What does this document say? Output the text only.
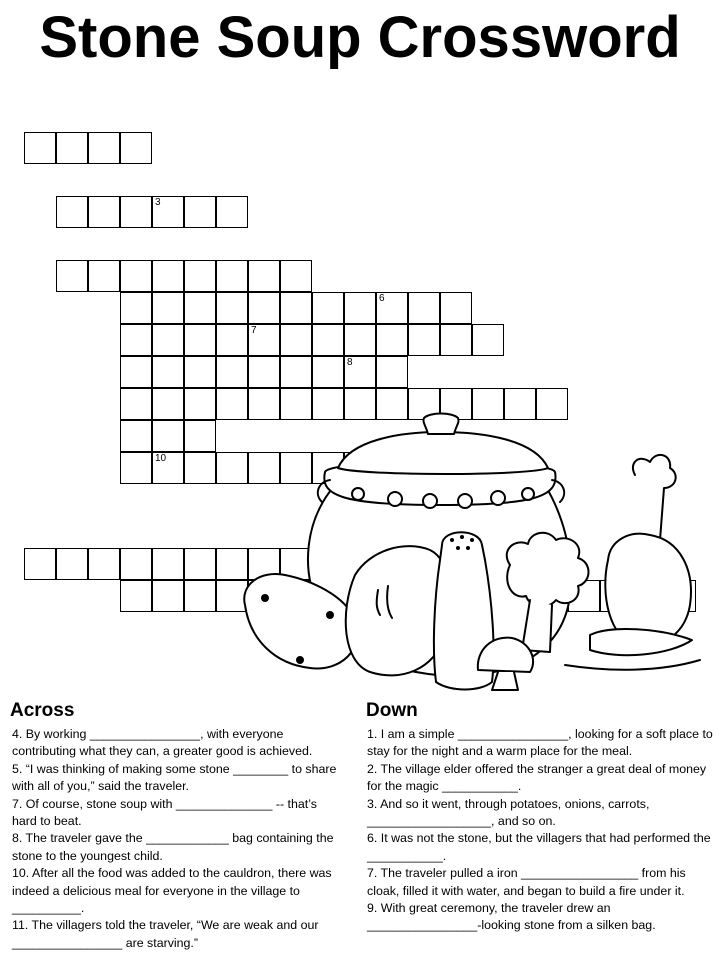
Stone Soup Crossword
3
6
7
8
10
Across	Down

4. By working ________________, with everyone contributing what they can, a greater good is achieved.

5. “I was thinking of making some stone ________ to share with all of you,” said the traveler.

7. Of course, stone soup with ______________ -- that’s hard to beat.

8. The traveler gave the ____________ bag containing the stone to the youngest child.

10. After all the food was added to the cauldron, there was indeed a delicious meal for everyone in the village to __________.

11. The villagers told the traveler, “We are weak and our ________________ are starving.”

1. I am a simple ________________, looking for a soft place to stay for the night and a warm place for the meal.

2. The village elder offered the stranger a great deal of money for the magic ___________.

3. And so it went, through potatoes, onions, carrots, __________________, and so on.

6. It was not the stone, but the villagers that had performed the ___________.

7. The traveler pulled a iron _________________ from his cloak, filled it with water, and began to build a fire under it.

9. With great ceremony, the traveler drew an ________________-looking stone from a silken bag.
